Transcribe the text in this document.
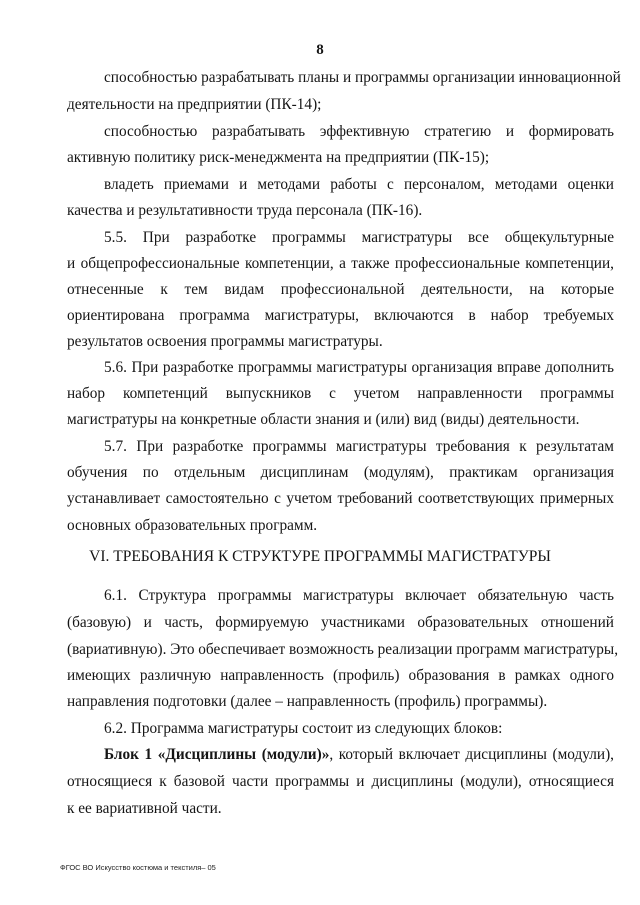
8
способностью разрабатывать планы и программы организации инновационной
деятельности на предприятии (ПК-14);
способностью разрабатывать эффективную стратегию и формировать
активную политику риск-менеджмента на предприятии (ПК-15);
владеть приемами и методами работы с персоналом, методами оценки
качества и результативности труда персонала (ПК-16).
5.5. При разработке программы магистратуры все общекультурные
и общепрофессиональные компетенции, а также профессиональные компетенции,
отнесенные к тем видам профессиональной деятельности, на которые
ориентирована программа магистратуры, включаются в набор требуемых
результатов освоения программы магистратуры.
5.6. При разработке программы магистратуры организация вправе дополнить
набор компетенций выпускников с учетом направленности программы
магистратуры на конкретные области знания и (или) вид (виды) деятельности.
5.7. При разработке программы магистратуры требования к результатам
обучения по отдельным дисциплинам (модулям), практикам организация
устанавливает самостоятельно с учетом требований соответствующих примерных
основных образовательных программ.
VI. ТРЕБОВАНИЯ К СТРУКТУРЕ ПРОГРАММЫ МАГИСТРАТУРЫ
6.1. Структура программы магистратуры включает обязательную часть
(базовую) и часть, формируемую участниками образовательных отношений
(вариативную). Это обеспечивает возможность реализации программ магистратуры,
имеющих различную направленность (профиль) образования в рамках одного
направления подготовки (далее – направленность (профиль) программы).
6.2. Программа магистратуры состоит из следующих блоков:
Блок 1 «Дисциплины (модули)», который включает дисциплины (модули),
относящиеся к базовой части программы и дисциплины (модули), относящиеся
к ее вариативной части.
ФГОС ВО Искусство костюма и текстиля– 05
